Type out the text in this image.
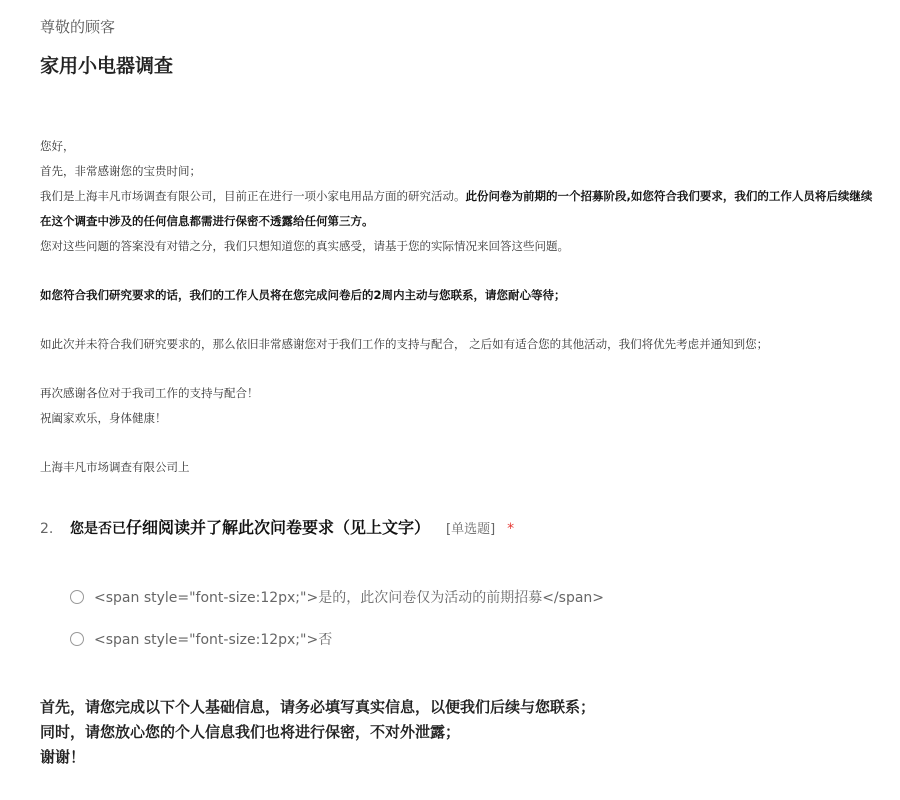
尊敬的顾客

家用小电器调查
您好，
首先，非常感谢您的宝贵时间；
我们是上海丰凡市场调查有限公司，目前正在进行一项小家电用品方面的研究活动。此份问卷为前期的一个招募阶段,如您符合我们要求，我们的工作人员将后续继续
在这个调查中涉及的任何信息都需进行保密不透露给任何第三方。
您对这些问题的答案没有对错之分，我们只想知道您的真实感受，请基于您的实际情况来回答这些问题。
如您符合我们研究要求的话，我们的工作人员将在您完成问卷后的2周内主动与您联系，请您耐心等待；
如此次并未符合我们研究要求的，那么依旧非常感谢您对于我们工作的支持与配合， 之后如有适合您的其他活动，我们将优先考虑并通知到您；
再次感谢各位对于我司工作的支持与配合！
祝阖家欢乐，身体健康！
上海丰凡市场调查有限公司上
2.	您是否已仔细阅读并了解此次问卷要求（见上文字） [单选题] *
<span style="font-size:12px;">是的，此次问卷仅为活动的前期招募</span>
<span style="font-size:12px;">否
首先，请您完成以下个人基础信息，请务必填写真实信息，以便我们后续与您联系；
同时，请您放心您的个人信息我们也将进行保密，不对外泄露；
谢谢！
